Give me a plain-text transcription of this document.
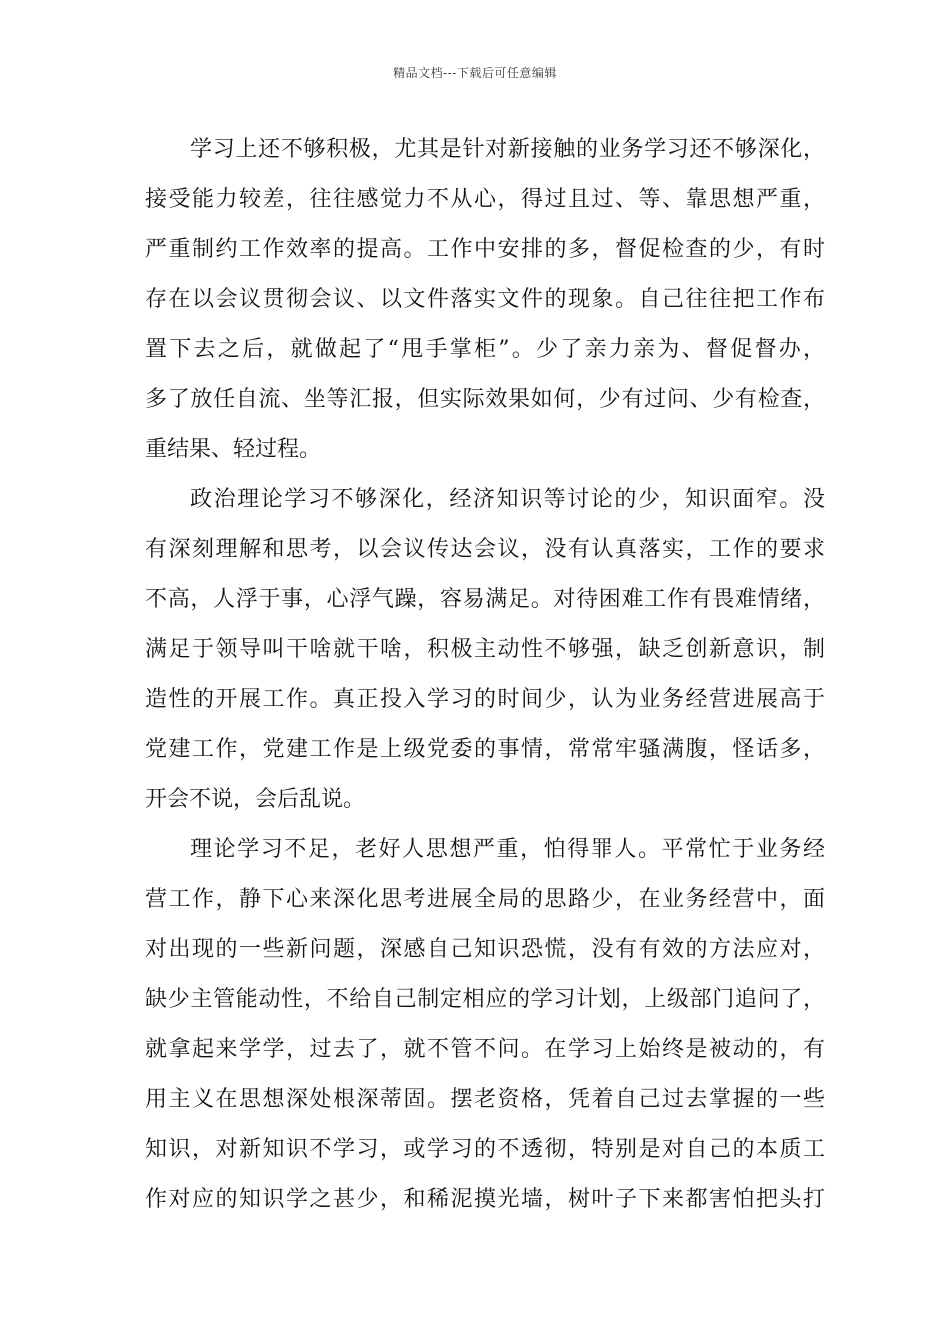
精品文档---下载后可任意编辑
学习上还不够积极，尤其是针对新接触的业务学习还不够深化，
接受能力较差，往往感觉力不从心，得过且过、等、靠思想严重，
严重制约工作效率的提高。工作中安排的多，督促检查的少，有时
存在以会议贯彻会议、以文件落实文件的现象。自己往往把工作布
置下去之后，就做起了“甩手掌柜”。少了亲力亲为、督促督办，
多了放任自流、坐等汇报，但实际效果如何，少有过问、少有检查，
重结果、轻过程。
政治理论学习不够深化，经济知识等讨论的少，知识面窄。没
有深刻理解和思考，以会议传达会议，没有认真落实，工作的要求
不高，人浮于事，心浮气躁，容易满足。对待困难工作有畏难情绪，
满足于领导叫干啥就干啥，积极主动性不够强，缺乏创新意识，制
造性的开展工作。真正投入学习的时间少，认为业务经营进展高于
党建工作，党建工作是上级党委的事情，常常牢骚满腹，怪话多，
开会不说，会后乱说。
理论学习不足，老好人思想严重，怕得罪人。平常忙于业务经
营工作，静下心来深化思考进展全局的思路少，在业务经营中，面
对出现的一些新问题，深感自己知识恐慌，没有有效的方法应对，
缺少主管能动性，不给自己制定相应的学习计划，上级部门追问了，
就拿起来学学，过去了，就不管不问。在学习上始终是被动的，有
用主义在思想深处根深蒂固。摆老资格，凭着自己过去掌握的一些
知识，对新知识不学习，或学习的不透彻，特别是对自己的本质工
作对应的知识学之甚少，和稀泥摸光墙，树叶子下来都害怕把头打
